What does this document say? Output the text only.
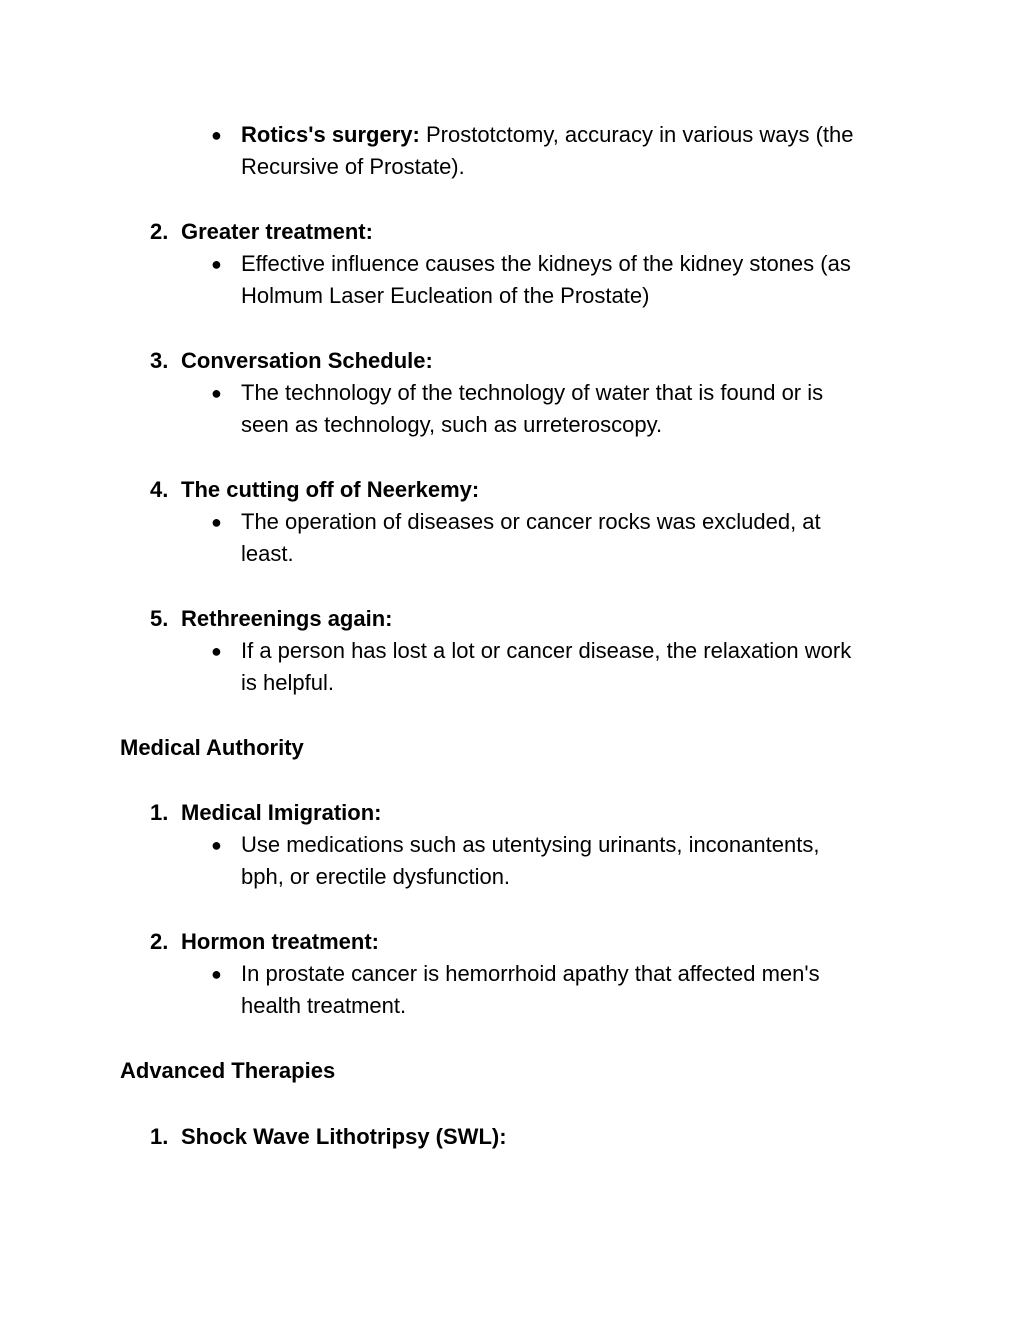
● Rotics's surgery: Prostotctomy, accuracy in various ways (the
Recursive of Prostate).
2. Greater treatment:
● Effective influence causes the kidneys of the kidney stones (as
Holmum Laser Eucleation of the Prostate)
3. Conversation Schedule:
● The technology of the technology of water that is found or is
seen as technology, such as urreteroscopy.
4. The cutting off of Neerkemy:
● The operation of diseases or cancer rocks was excluded, at
least.
5. Rethreenings again:
● If a person has lost a lot or cancer disease, the relaxation work
is helpful.
Medical Authority
1. Medical Imigration:
● Use medications such as utentysing urinants, inconantents,
bph, or erectile dysfunction.
2. Hormon treatment:
● In prostate cancer is hemorrhoid apathy that affected men's
health treatment.
Advanced Therapies
1. Shock Wave Lithotripsy (SWL):
